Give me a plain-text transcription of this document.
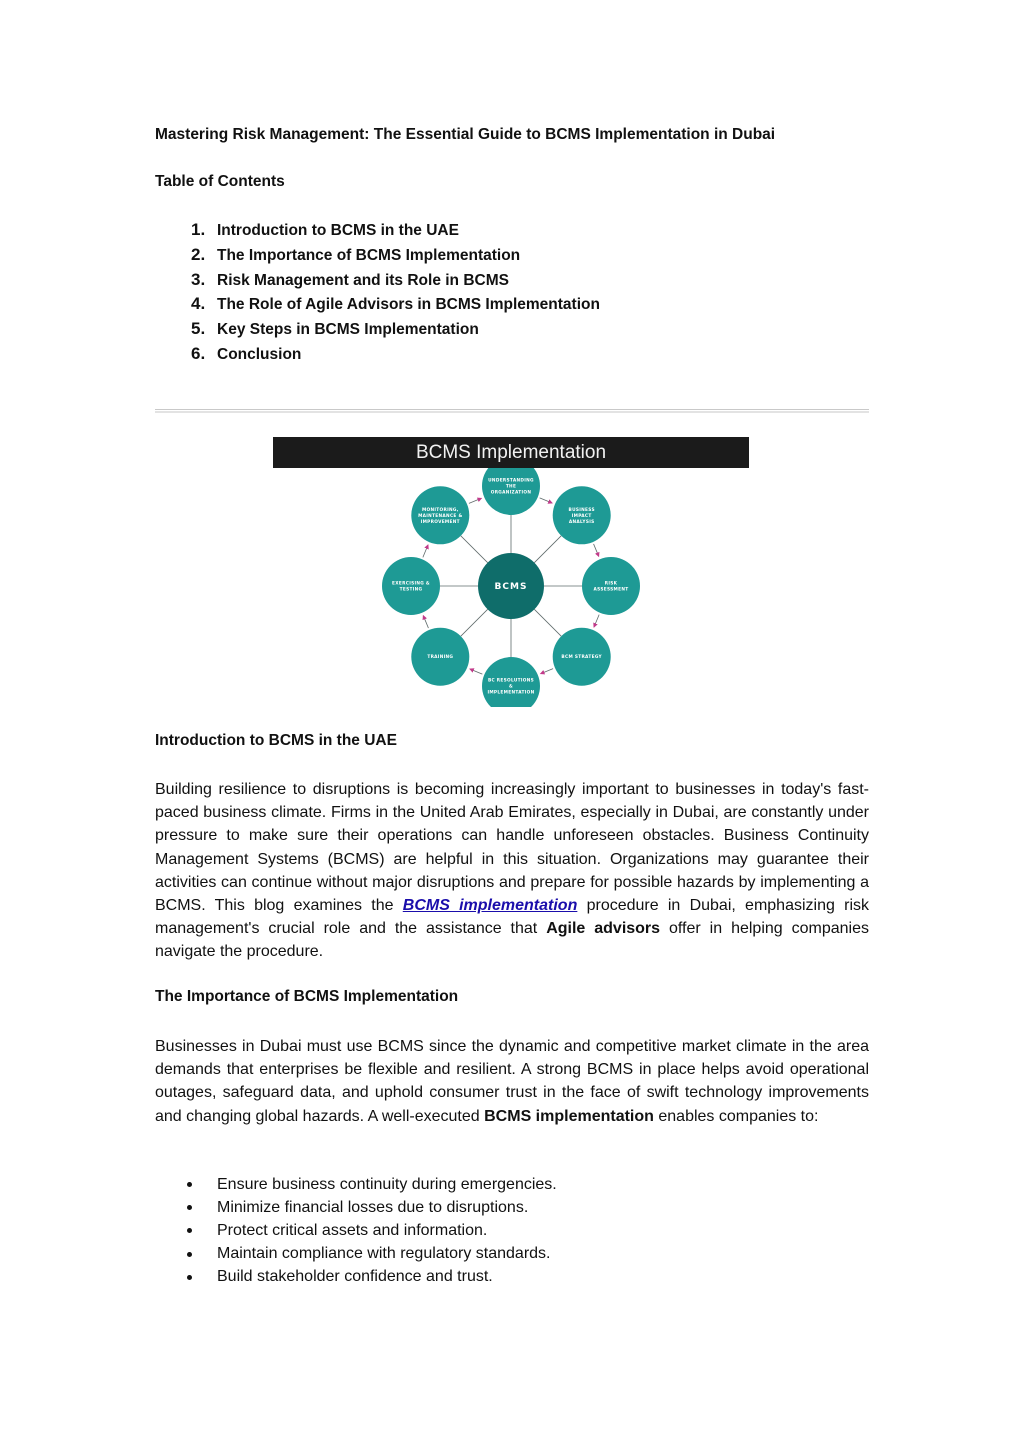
Mastering Risk Management: The Essential Guide to BCMS Implementation in Dubai
Table of Contents
1. Introduction to BCMS in the UAE
2. The Importance of BCMS Implementation
3. Risk Management and its Role in BCMS
4. The Role of Agile Advisors in BCMS Implementation
5. Key Steps in BCMS Implementation
6. Conclusion
BCMS Implementation
BCMS
UNDERSTANDING
THE
ORGANIZATION
BUSINESS
IMPACT
ANALYSIS
RISK
ASSESSMENT
BCM STRATEGY
BC RESOLUTIONS
&
IMPLEMENTATION
TRAINING
EXERCISING &
TESTING
MONITORING,
MAINTENANCE &
IMPROVEMENT
Introduction to BCMS in the UAE

Building resilience to disruptions is becoming increasingly important to businesses in today's fast-paced business climate. Firms in the United Arab Emirates, especially in Dubai, are constantly under pressure to make sure their operations can handle unforeseen obstacles. Business Continuity Management Systems (BCMS) are helpful in this situation. Organizations may guarantee their activities can continue without major disruptions and prepare for possible hazards by implementing a BCMS. This blog examines the BCMS implementation procedure in Dubai, emphasizing risk management's crucial role and the assistance that Agile advisors offer in helping companies navigate the procedure.

The Importance of BCMS Implementation

Businesses in Dubai must use BCMS since the dynamic and competitive market climate in the area demands that enterprises be flexible and resilient. A strong BCMS in place helps avoid operational outages, safeguard data, and uphold consumer trust in the face of swift technology improvements and changing global hazards. A well-executed BCMS implementation enables companies to:

Ensure business continuity during emergencies.
Minimize financial losses due to disruptions.
Protect critical assets and information.
Maintain compliance with regulatory standards.
Build stakeholder confidence and trust.
